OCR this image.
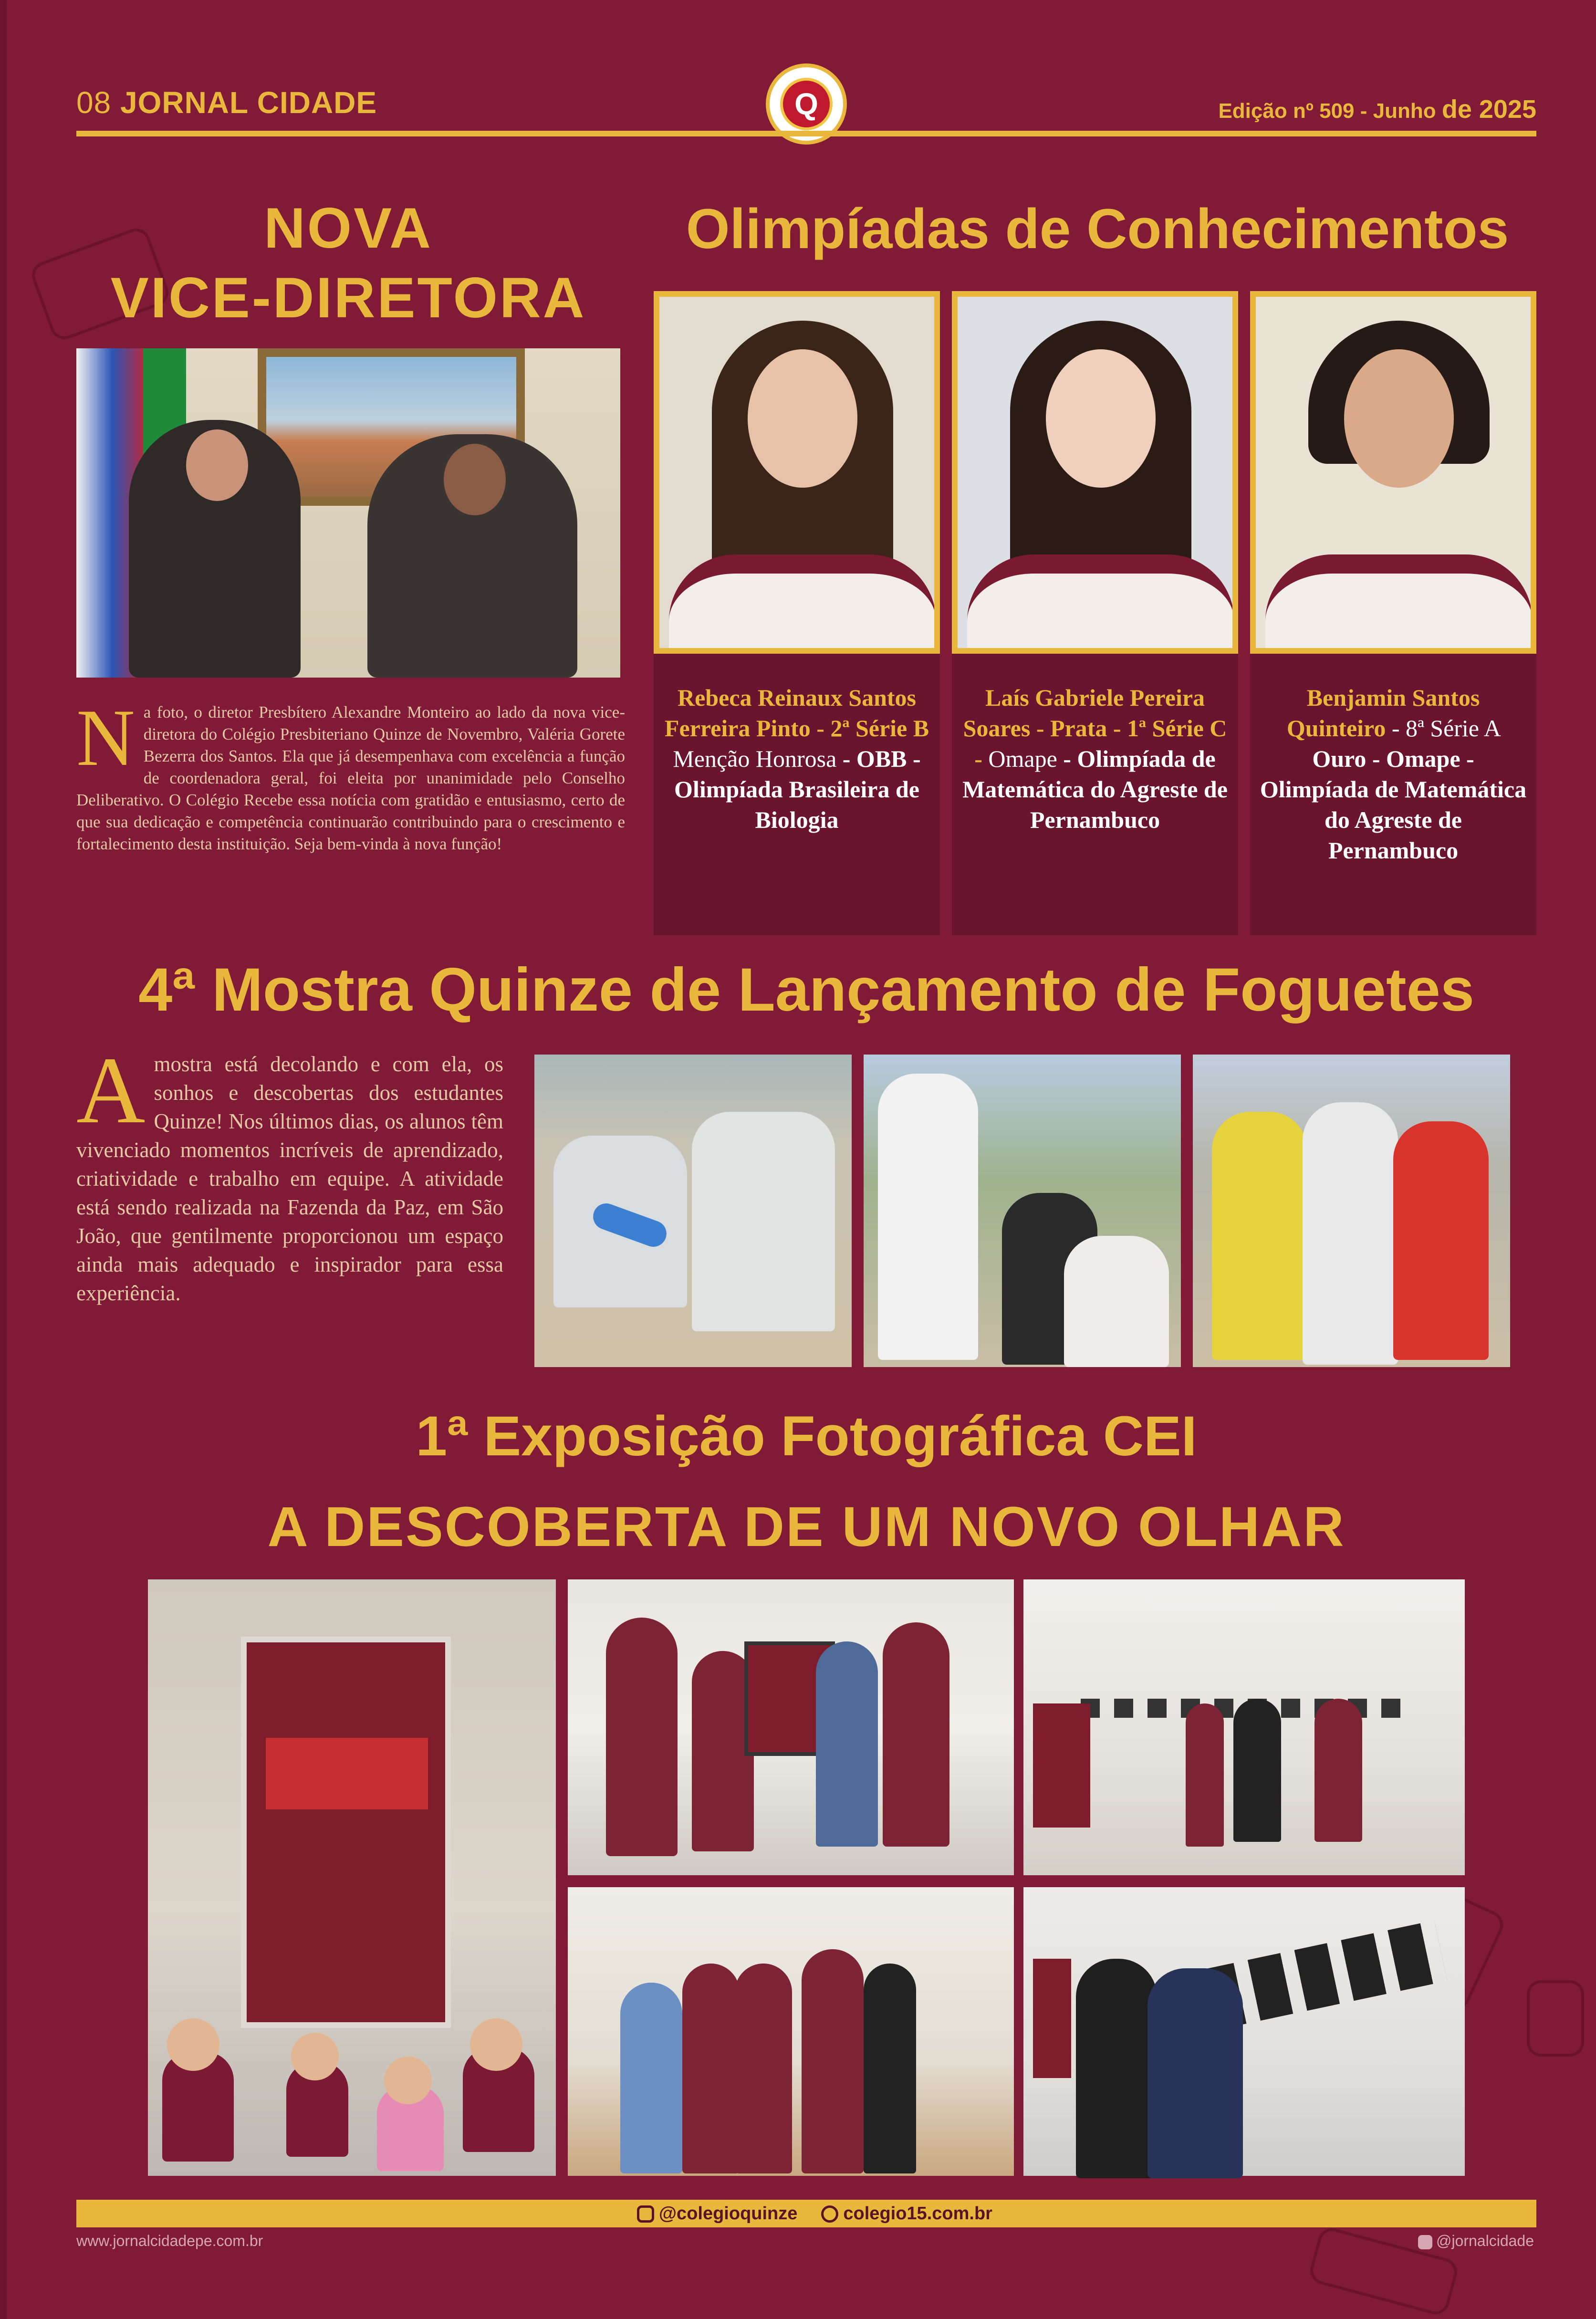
08 JORNAL CIDADE	Q	Edição nº 509 - Junho de 2025
NOVA
VICE-DIRETORA
N a foto, o diretor Presbítero Alexandre Monteiro ao lado da nova vice-diretora do Colégio Presbiteriano Quinze de Novembro, Valéria Gorete Bezerra dos Santos. Ela que já desempenhava com excelência a função de coordenadora geral, foi eleita por unanimidade pelo Conselho Deliberativo. O Colégio Recebe essa notícia com gratidão e entusiasmo, certo de que sua dedicação e competência continuarão contribuindo para o crescimento e fortalecimento desta instituição. Seja bem-vinda à nova função!
Olimpíadas de Conhecimentos
Rebeca Reinaux Santos Ferreira Pinto - 2ª Série B Menção Honrosa - OBB - Olimpíada Brasileira de Biologia
Laís Gabriele Pereira Soares - Prata - 1ª Série C - Omape - Olimpíada de Matemática do Agreste de Pernambuco
Benjamin Santos Quinteiro - 8ª Série A Ouro - Omape - Olimpíada de Matemática do Agreste de Pernambuco
4ª Mostra Quinze de Lançamento de Foguetes
A mostra está decolando e com ela, os sonhos e descobertas dos estudantes Quinze! Nos últimos dias, os alunos têm vivenciado momentos incríveis de aprendizado, criatividade e trabalho em equipe. A atividade está sendo realizada na Fazenda da Paz, em São João, que gentilmente proporcionou um espaço ainda mais adequado e inspirador para essa experiência.
1ª Exposição Fotográfica CEI
A DESCOBERTA DE UM NOVO OLHAR
@colegioquinze	colegio15.com.br
www.jornalcidadepe.com.br	@jornalcidade
